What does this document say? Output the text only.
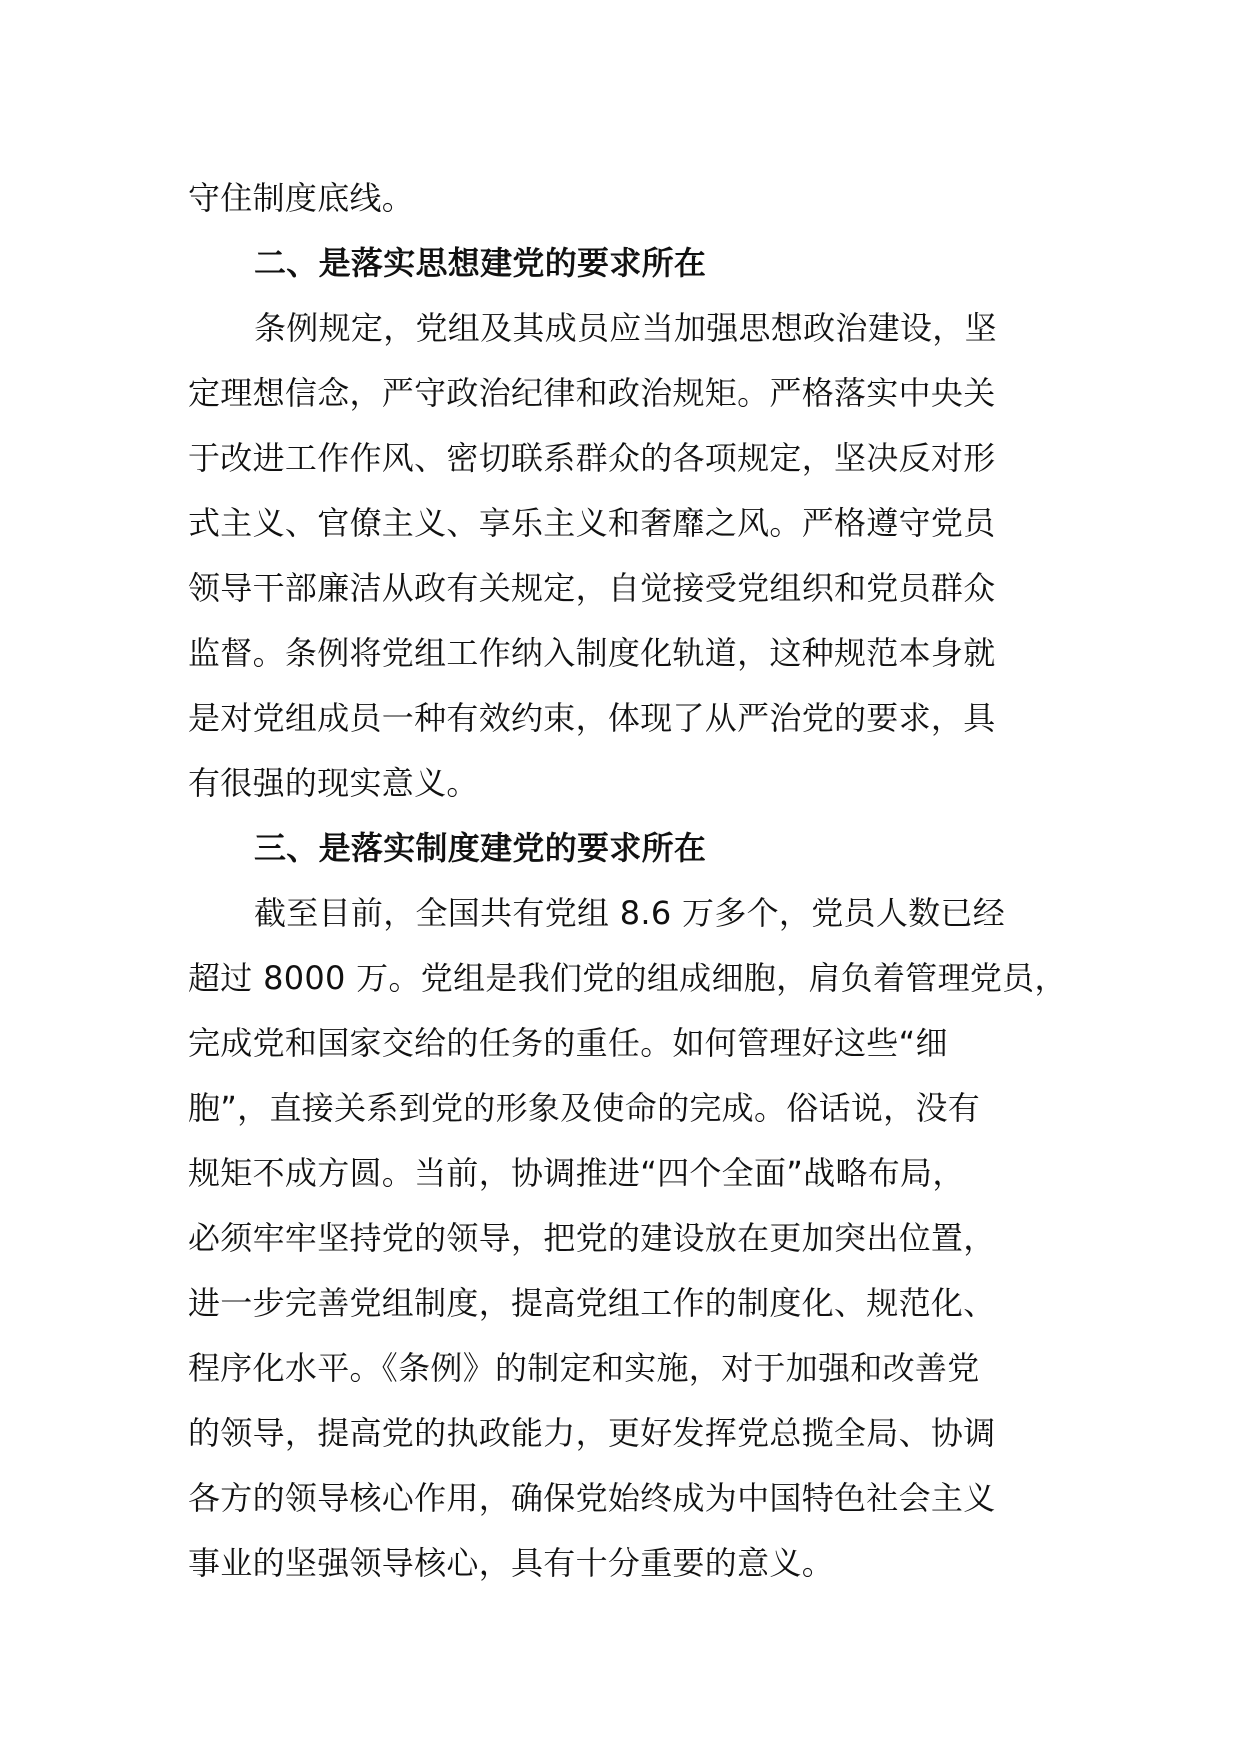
守住制度底线。
二、是落实思想建党的要求所在
条例规定，党组及其成员应当加强思想政治建设，坚
定理想信念，严守政治纪律和政治规矩。严格落实中央关
于改进工作作风、密切联系群众的各项规定，坚决反对形
式主义、官僚主义、享乐主义和奢靡之风。严格遵守党员
领导干部廉洁从政有关规定，自觉接受党组织和党员群众
监督。条例将党组工作纳入制度化轨道，这种规范本身就
是对党组成员一种有效约束，体现了从严治党的要求，具
有很强的现实意义。
三、是落实制度建党的要求所在
截至目前，全国共有党组 8.6 万多个，党员人数已经
超过 8000 万。党组是我们党的组成细胞，肩负着管理党员，
完成党和国家交给的任务的重任。如何管理好这些“细
胞”，直接关系到党的形象及使命的完成。俗话说，没有
规矩不成方圆。当前，协调推进“四个全面”战略布局，
必须牢牢坚持党的领导，把党的建设放在更加突出位置，
进一步完善党组制度，提高党组工作的制度化、规范化、
程序化水平。《条例》的制定和实施，对于加强和改善党
的领导，提高党的执政能力，更好发挥党总揽全局、协调
各方的领导核心作用，确保党始终成为中国特色社会主义
事业的坚强领导核心，具有十分重要的意义。
